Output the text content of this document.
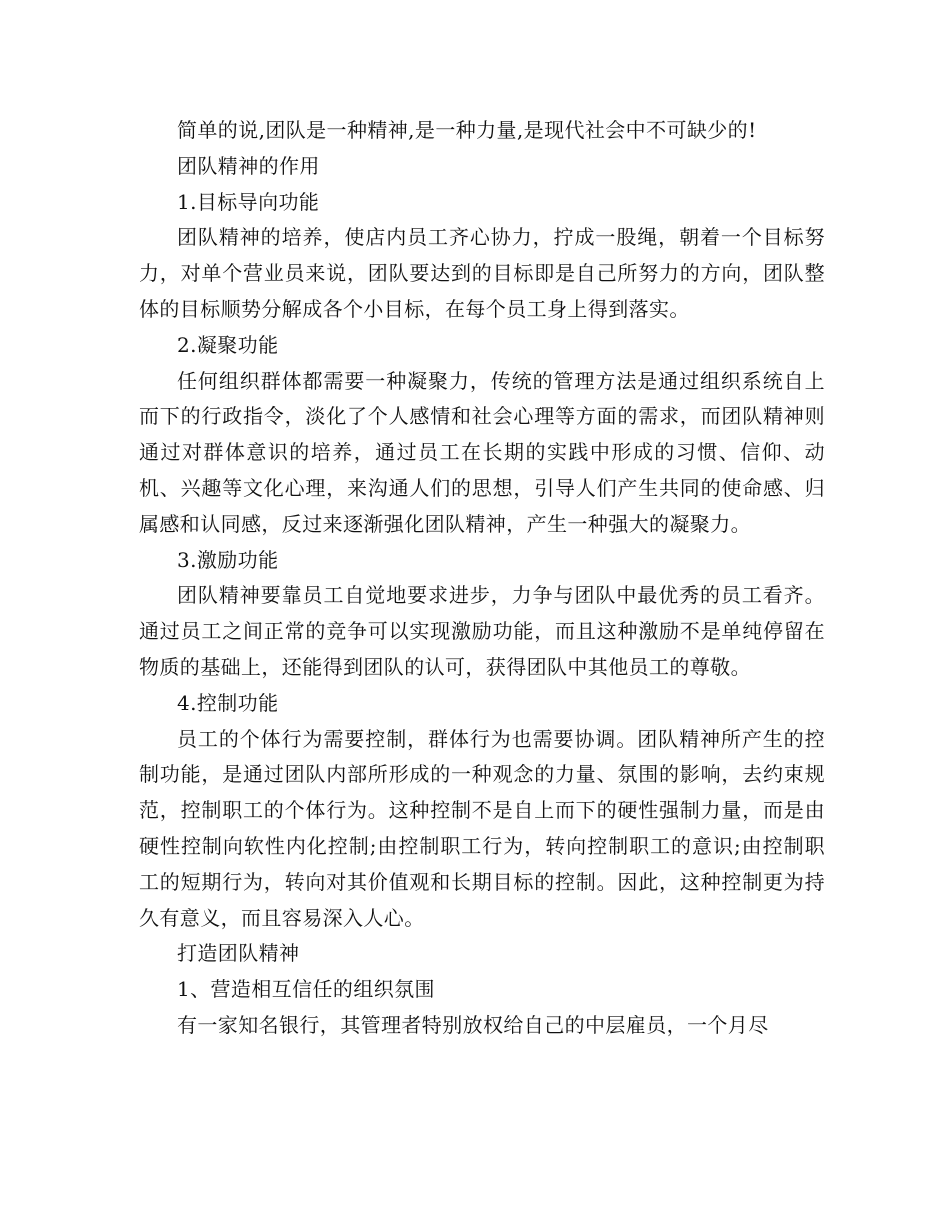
简单的说,团队是一种精神,是一种力量,是现代社会中不可缺少的!

团队精神的作用

1.目标导向功能

团队精神的培养，使店内员工齐心协力，拧成一股绳，朝着一个目标努力，对单个营业员来说，团队要达到的目标即是自己所努力的方向，团队整体的目标顺势分解成各个小目标，在每个员工身上得到落实。

2.凝聚功能

任何组织群体都需要一种凝聚力，传统的管理方法是通过组织系统自上而下的行政指令，淡化了个人感情和社会心理等方面的需求，而团队精神则通过对群体意识的培养，通过员工在长期的实践中形成的习惯、信仰、动机、兴趣等文化心理，来沟通人们的思想，引导人们产生共同的使命感、归属感和认同感，反过来逐渐强化团队精神，产生一种强大的凝聚力。

3.激励功能

团队精神要靠员工自觉地要求进步，力争与团队中最优秀的员工看齐。通过员工之间正常的竞争可以实现激励功能，而且这种激励不是单纯停留在物质的基础上，还能得到团队的认可，获得团队中其他员工的尊敬。

4.控制功能

员工的个体行为需要控制，群体行为也需要协调。团队精神所产生的控制功能，是通过团队内部所形成的一种观念的力量、氛围的影响，去约束规范，控制职工的个体行为。这种控制不是自上而下的硬性强制力量，而是由硬性控制向软性内化控制;由控制职工行为，转向控制职工的意识;由控制职工的短期行为，转向对其价值观和长期目标的控制。因此，这种控制更为持久有意义，而且容易深入人心。

打造团队精神

1、营造相互信任的组织氛围

有一家知名银行，其管理者特别放权给自己的中层雇员，一个月尽
